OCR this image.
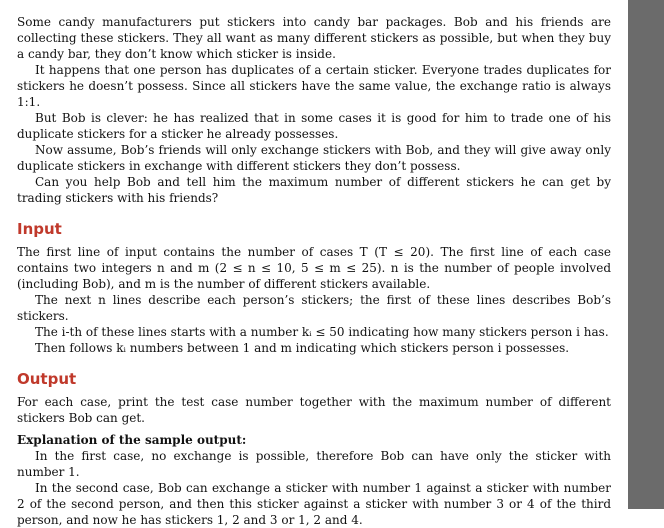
Some candy manufacturers put stickers into candy bar packages. Bob and his friends are collecting these stickers. They all want as many different stickers as possible, but when they buy a candy bar, they don’t know which sticker is inside.

It happens that one person has duplicates of a certain sticker. Everyone trades duplicates for stickers he doesn’t possess. Since all stickers have the same value, the exchange ratio is always 1:1.

But Bob is clever: he has realized that in some cases it is good for him to trade one of his duplicate stickers for a sticker he already possesses.

Now assume, Bob’s friends will only exchange stickers with Bob, and they will give away only duplicate stickers in exchange with different stickers they don’t possess.

Can you help Bob and tell him the maximum number of different stickers he can get by trading stickers with his friends?

Input

The first line of input contains the number of cases T (T ≤ 20). The first line of each case contains two integers n and m (2 ≤ n ≤ 10, 5 ≤ m ≤ 25). n is the number of people involved (including Bob), and m is the number of different stickers available.

The next n lines describe each person’s stickers; the first of these lines describes Bob’s stickers.

The i-th of these lines starts with a number kᵢ ≤ 50 indicating how many stickers person i has.

Then follows kᵢ numbers between 1 and m indicating which stickers person i possesses.

Output

For each case, print the test case number together with the maximum number of different stickers Bob can get.

Explanation of the sample output:

In the first case, no exchange is possible, therefore Bob can have only the sticker with number 1.

In the second case, Bob can exchange a sticker with number 1 against a sticker with number 2 of the second person, and then this sticker against a sticker with number 3 or 4 of the third person, and now he has stickers 1, 2 and 3 or 1, 2 and 4.
